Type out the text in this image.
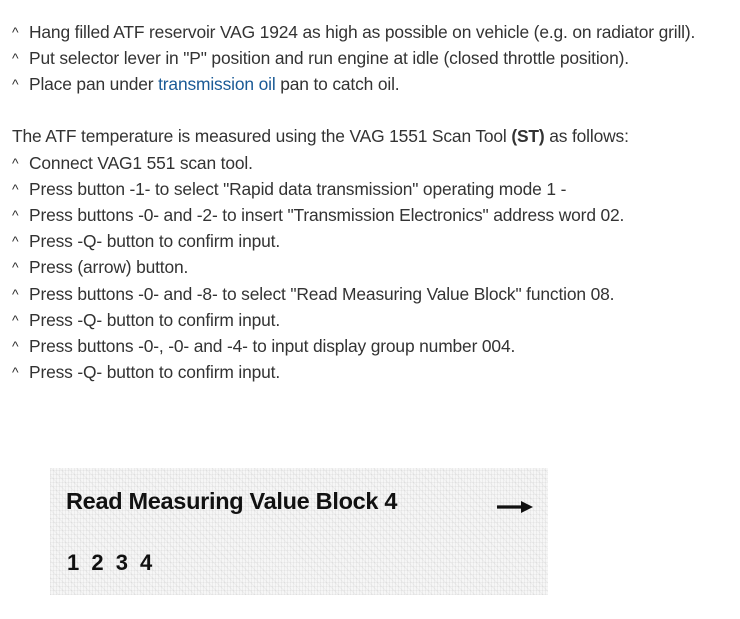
^ Hang filled ATF reservoir VAG 1924 as high as possible on vehicle (e.g. on radiator grill).
^ Put selector lever in "P" position and run engine at idle (closed throttle position).
^ Place pan under transmission oil pan to catch oil.
The ATF temperature is measured using the VAG 1551 Scan Tool (ST) as follows:
^ Connect VAG1 551 scan tool.
^ Press button -1- to select "Rapid data transmission" operating mode 1 -
^ Press buttons -0- and -2- to insert "Transmission Electronics" address word 02.
^ Press -Q- button to confirm input.
^ Press (arrow) button.
^ Press buttons -0- and -8- to select "Read Measuring Value Block" function 08.
^ Press -Q- button to confirm input.
^ Press buttons -0-, -0- and -4- to input display group number 004.
^ Press -Q- button to confirm input.
Read Measuring Value Block 4
1 2 3 4
